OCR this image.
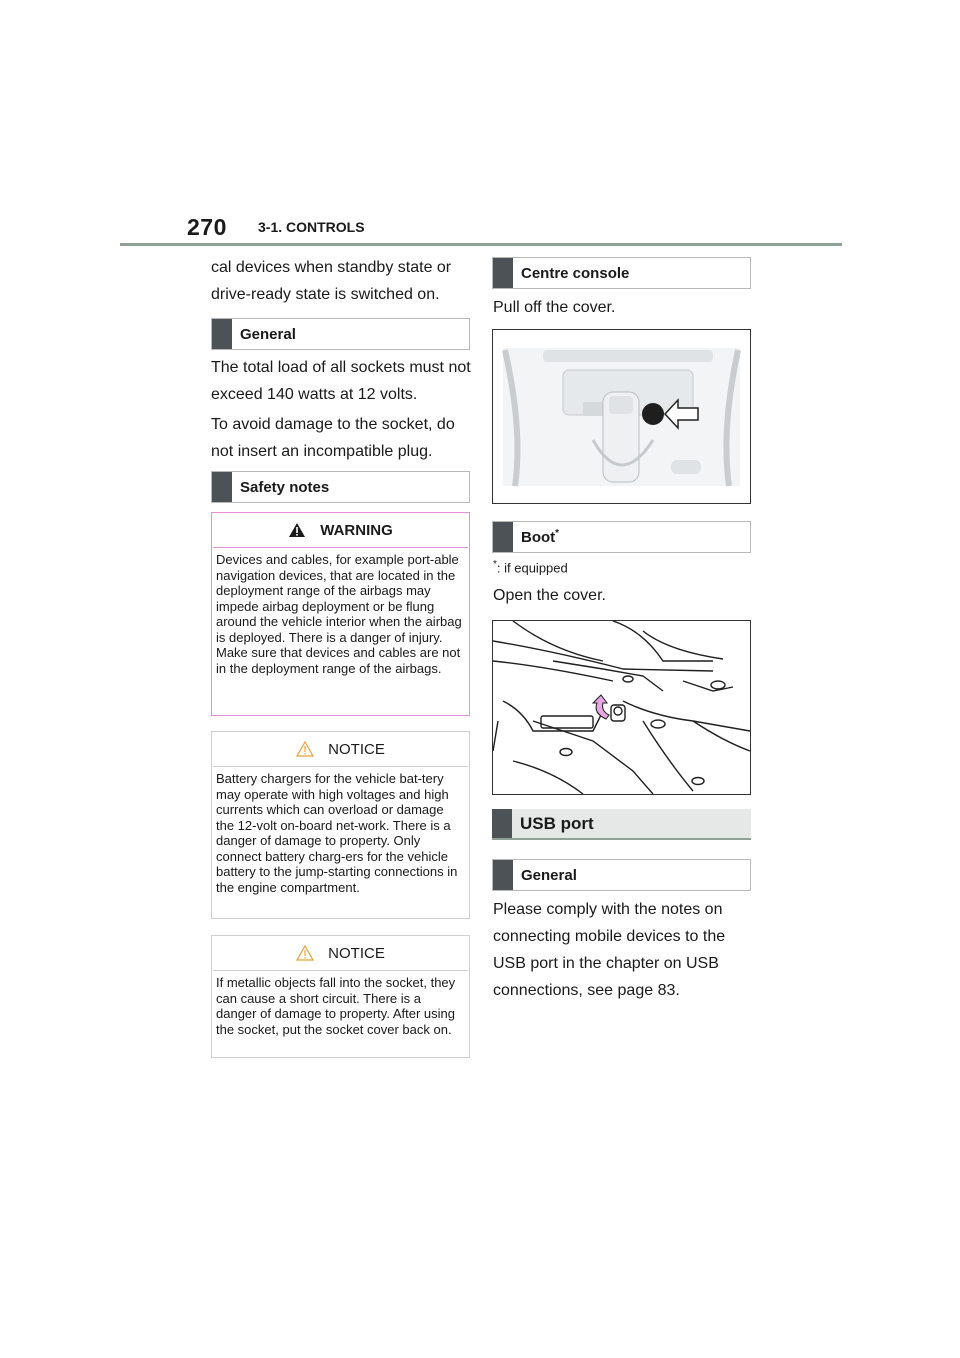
270 3-1. CONTROLS

cal devices when standby state or drive-ready state is switched on.

General

The total load of all sockets must not exceed 140 watts at 12 volts.

To avoid damage to the socket, do not insert an incompatible plug.

Safety notes
WARNING
Devices and cables, for example port-able navigation devices, that are located in the deployment range of the airbags may impede airbag deployment or be flung around the vehicle interior when the airbag is deployed. There is a danger of injury. Make sure that devices and cables are not in the deployment range of the airbags.
NOTICE
Battery chargers for the vehicle bat-tery may operate with high voltages and high currents which can overload or damage the 12-volt on-board net-work. There is a danger of damage to property. Only connect battery charg-ers for the vehicle battery to the jump-starting connections in the engine compartment.
NOTICE
If metallic objects fall into the socket, they can cause a short circuit. There is a danger of damage to property. After using the socket, put the socket cover back on.
Centre console

Pull off the cover.

Boot*
*: if equipped

Open the cover.

USB port
General

Please comply with the notes on connecting mobile devices to the USB port in the chapter on USB connections, see page 83.
